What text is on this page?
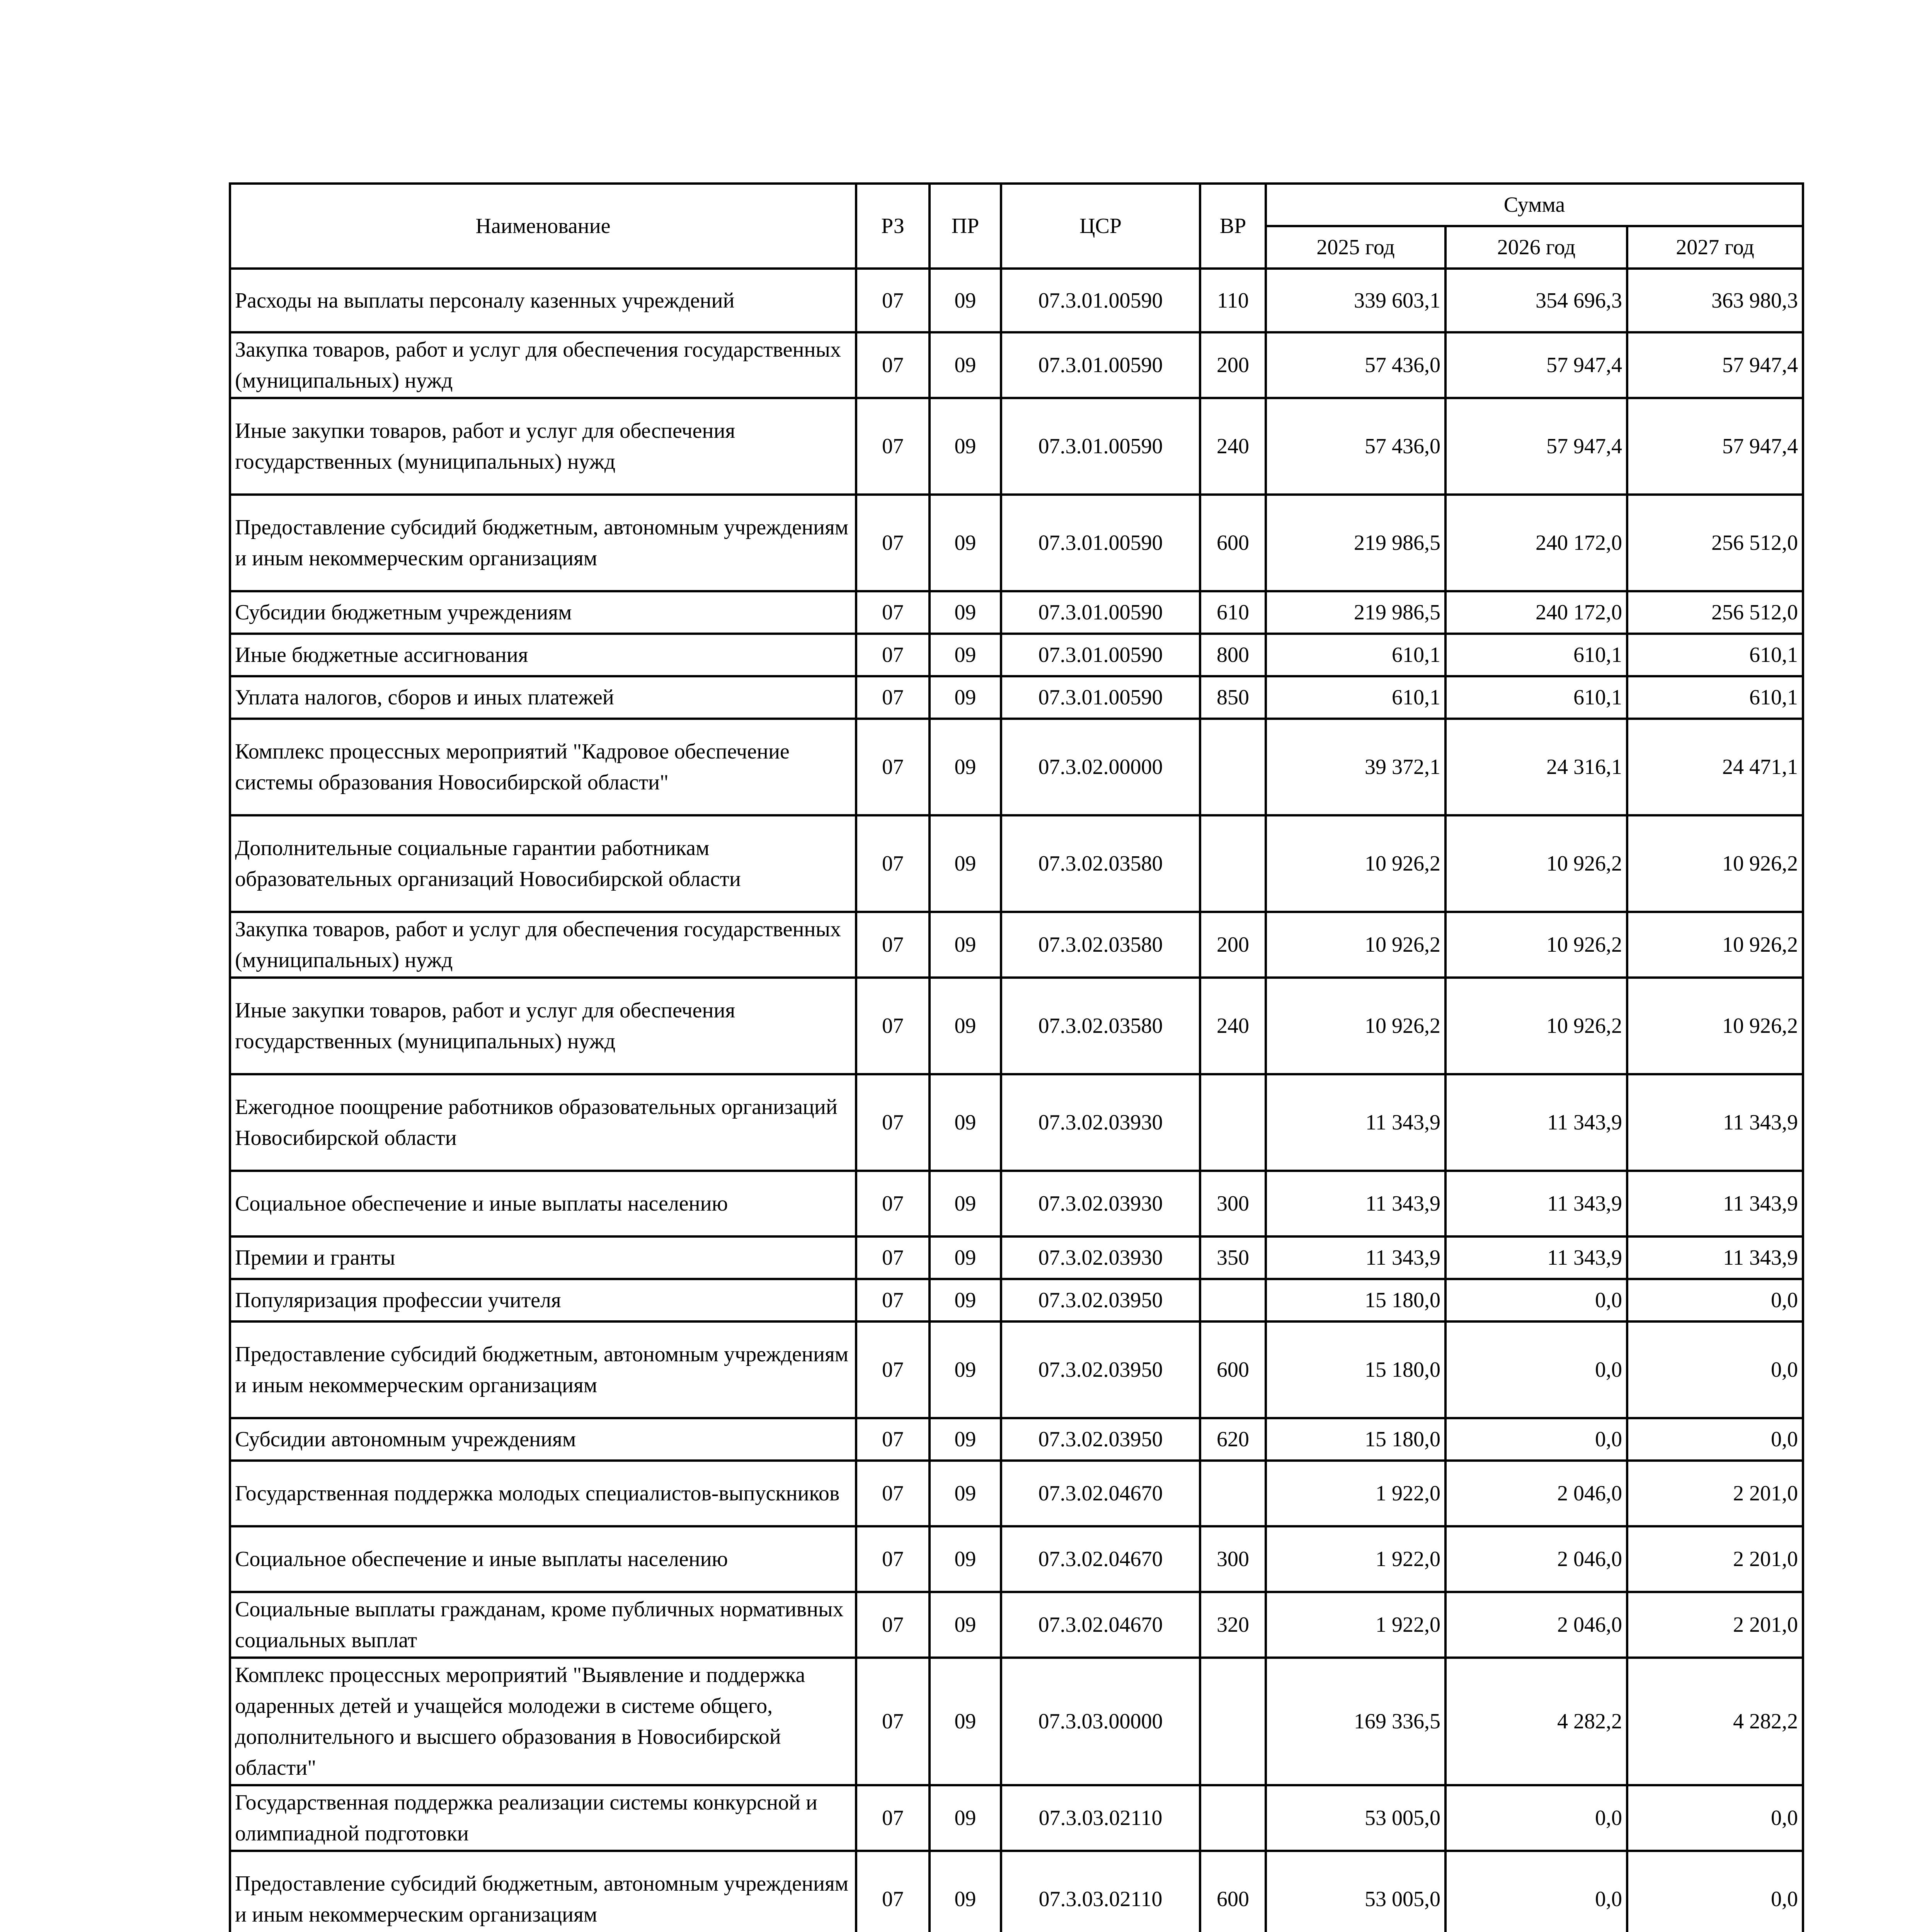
Наименование	РЗ	ПР	ЦСР	ВР	Сумма		
					2025 год	2026 год	2027 год
Расходы на выплаты персоналу казенных учреждений	07	09	07.3.01.00590	110	339 603,1	354 696,3	363 980,3
Закупка товаров, работ и услуг для обеспечения государственных (муниципальных) нужд	07	09	07.3.01.00590	200	57 436,0	57 947,4	57 947,4
Иные закупки товаров, работ и услуг для обеспечения государственных (муниципальных) нужд	07	09	07.3.01.00590	240	57 436,0	57 947,4	57 947,4
Предоставление субсидий бюджетным, автономным учреждениям и иным некоммерческим организациям	07	09	07.3.01.00590	600	219 986,5	240 172,0	256 512,0
Субсидии бюджетным учреждениям	07	09	07.3.01.00590	610	219 986,5	240 172,0	256 512,0
Иные бюджетные ассигнования	07	09	07.3.01.00590	800	610,1	610,1	610,1
Уплата налогов, сборов и иных платежей	07	09	07.3.01.00590	850	610,1	610,1	610,1
Комплекс процессных мероприятий "Кадровое обеспечение системы образования Новосибирской области"	07	09	07.3.02.00000		39 372,1	24 316,1	24 471,1
Дополнительные социальные гарантии работникам образовательных организаций Новосибирской области	07	09	07.3.02.03580		10 926,2	10 926,2	10 926,2
Закупка товаров, работ и услуг для обеспечения государственных (муниципальных) нужд	07	09	07.3.02.03580	200	10 926,2	10 926,2	10 926,2
Иные закупки товаров, работ и услуг для обеспечения государственных (муниципальных) нужд	07	09	07.3.02.03580	240	10 926,2	10 926,2	10 926,2
Ежегодное поощрение работников образовательных организаций Новосибирской области	07	09	07.3.02.03930		11 343,9	11 343,9	11 343,9
Социальное обеспечение и иные выплаты населению	07	09	07.3.02.03930	300	11 343,9	11 343,9	11 343,9
Премии и гранты	07	09	07.3.02.03930	350	11 343,9	11 343,9	11 343,9
Популяризация профессии учителя	07	09	07.3.02.03950		15 180,0	0,0	0,0
Предоставление субсидий бюджетным, автономным учреждениям и иным некоммерческим организациям	07	09	07.3.02.03950	600	15 180,0	0,0	0,0
Субсидии автономным учреждениям	07	09	07.3.02.03950	620	15 180,0	0,0	0,0
Государственная поддержка молодых специалистов-выпускников	07	09	07.3.02.04670		1 922,0	2 046,0	2 201,0
Социальное обеспечение и иные выплаты населению	07	09	07.3.02.04670	300	1 922,0	2 046,0	2 201,0
Социальные выплаты гражданам, кроме публичных нормативных социальных выплат	07	09	07.3.02.04670	320	1 922,0	2 046,0	2 201,0
Комплекс процессных мероприятий "Выявление и поддержка одаренных детей и учащейся молодежи в системе общего, дополнительного и высшего образования в Новосибирской области"	07	09	07.3.03.00000		169 336,5	4 282,2	4 282,2
Государственная поддержка реализации системы конкурсной и олимпиадной подготовки	07	09	07.3.03.02110		53 005,0	0,0	0,0
Предоставление субсидий бюджетным, автономным учреждениям и иным некоммерческим организациям	07	09	07.3.03.02110	600	53 005,0	0,0	0,0
